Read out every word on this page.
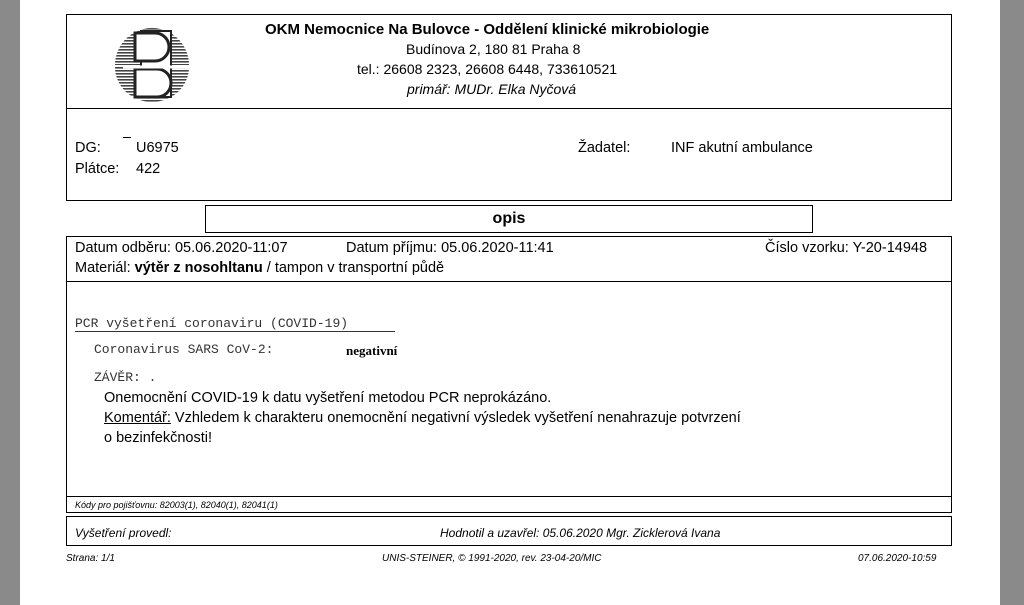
OKM Nemocnice Na Bulovce - Oddělení klinické mikrobiologie
Budínova 2, 180 81 Praha 8
tel.: 26608 2323, 26608 6448, 733610521
primář: MUDr. Elka Nyčová
DG: U6975
Plátce: 422
Žadatel:	INF akutní ambulance
opis
Datum odběru: 05.06.2020-11:07	Datum příjmu: 05.06.2020-11:41	Číslo vzorku: Y-20-14948
Materiál: výtěr z nosohltanu / tampon v transportní půdě
PCR vyšetření coronaviru (COVID-19)
Coronavirus SARS CoV-2:	negativní
ZÁVĚR: .
Onemocnění COVID-19 k datu vyšetření metodou PCR neprokázáno.
Komentář: Vzhledem k charakteru onemocnění negativní výsledek vyšetření nenahrazuje potvrzení
o bezinfekčnosti!
Kódy pro pojišťovnu: 82003(1), 82040(1), 82041(1)
Vyšetření provedl:	Hodnotil a uzavřel: 05.06.2020 Mgr. Zicklerová Ivana
Strana: 1/1	UNIS-STEINER, © 1991-2020, rev. 23-04-20/MIC	07.06.2020-10:59
